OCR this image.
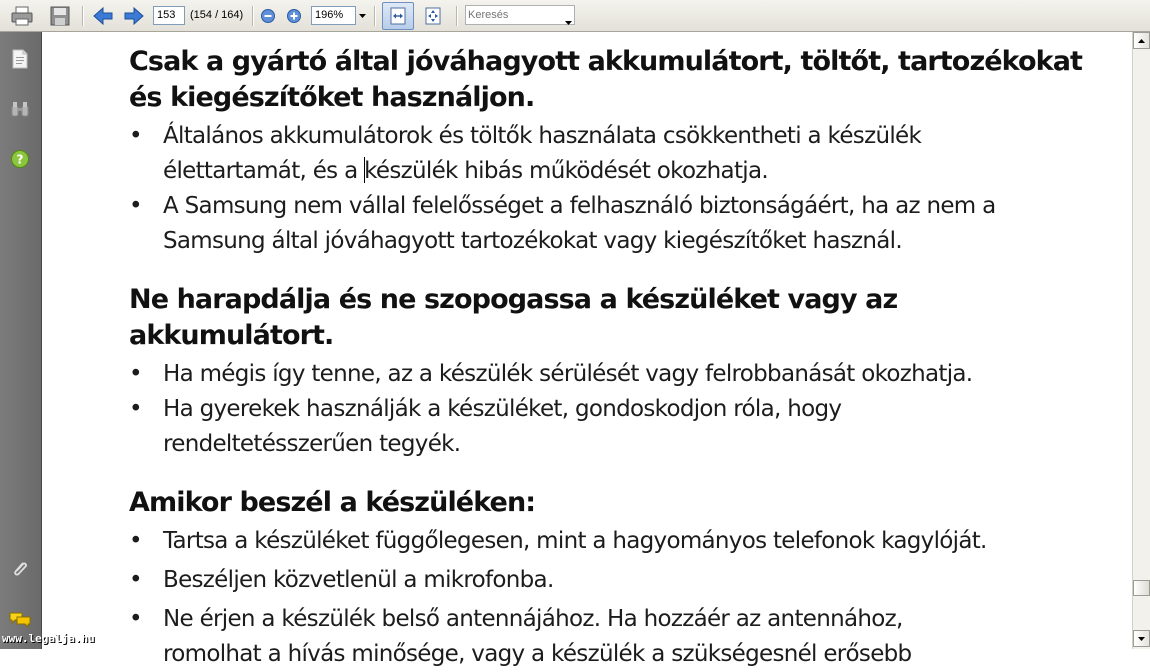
153	(154 / 164)	196%
Keresés
?
www.legalja.hu
Csak a gyártó által jóváhagyott akkumulátort, töltőt, tartozékokat
és kiegészítőket használjon.
• Általános akkumulátorok és töltők használata csökkentheti a készülék
élettartamát, és a készülék hibás működését okozhatja.
• A Samsung nem vállal felelősséget a felhasználó biztonságáért, ha az nem a
Samsung által jóváhagyott tartozékokat vagy kiegészítőket használ.
Ne harapdálja és ne szopogassa a készüléket vagy az akkumulátort.
• Ha mégis így tenne, az a készülék sérülését vagy felrobbanását okozhatja.
• Ha gyerekek használják a készüléket, gondoskodjon róla, hogy
rendeltetésszerűen tegyék.
Amikor beszél a készüléken:
• Tartsa a készüléket függőlegesen, mint a hagyományos telefonok kagylóját.
• Beszéljen közvetlenül a mikrofonba.
• Ne érjen a készülék belső antennájához. Ha hozzáér az antennához,
romolhat a hívás minősége, vagy a készülék a szükségesnél erősebb
